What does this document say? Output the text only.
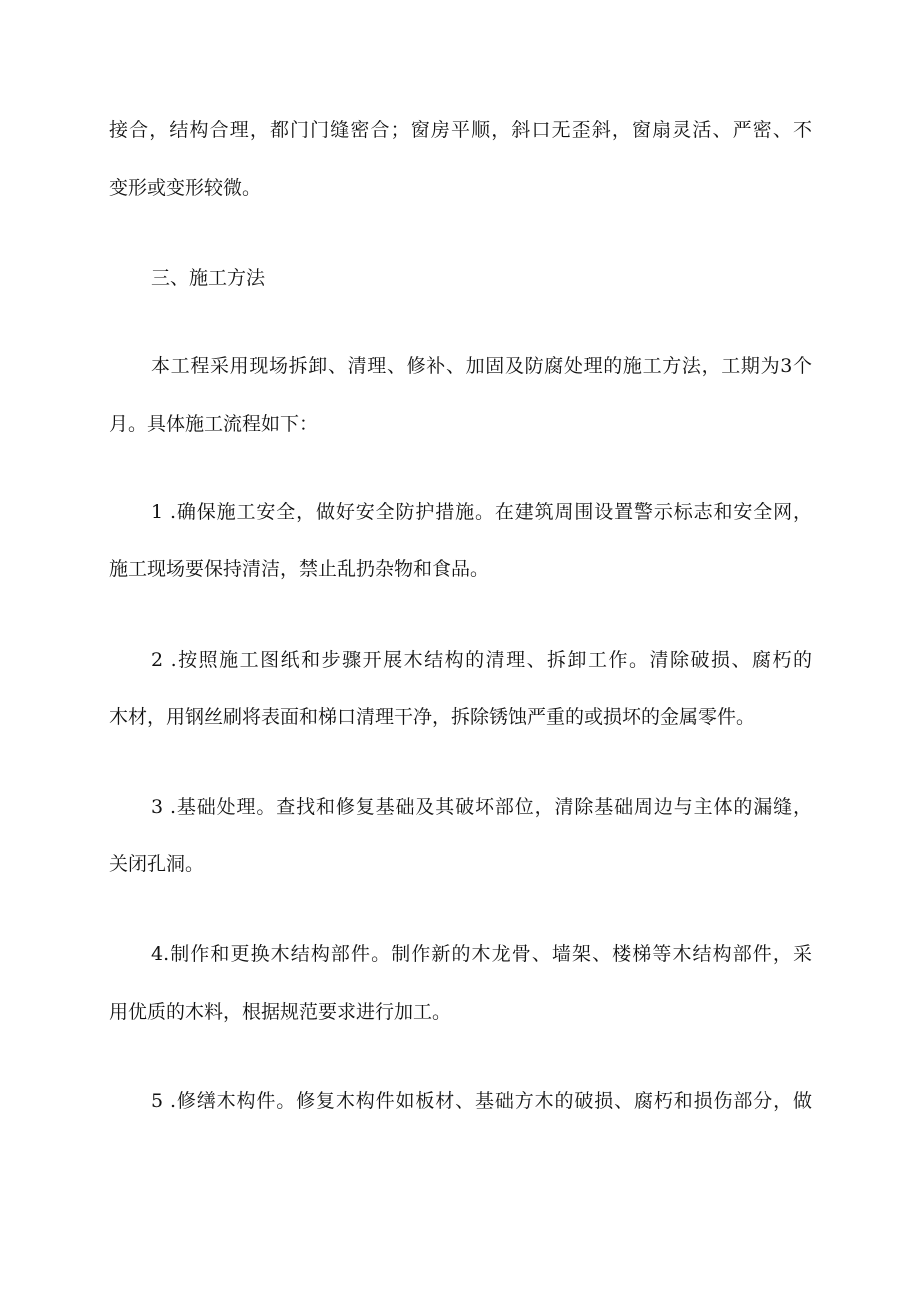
接合，结构合理，都门门缝密合；窗房平顺，斜口无歪斜，窗扇灵活、严密、不
变形或变形较微。
三、施工方法
本工程采用现场拆卸、清理、修补、加固及防腐处理的施工方法，工期为3个
月。具体施工流程如下：
1 .确保施工安全，做好安全防护措施。在建筑周围设置警示标志和安全网，
施工现场要保持清洁，禁止乱扔杂物和食品。
2 .按照施工图纸和步骤开展木结构的清理、拆卸工作。清除破损、腐朽的
木材，用钢丝刷将表面和梯口清理干净，拆除锈蚀严重的或损坏的金属零件。
3 .基础处理。查找和修复基础及其破坏部位，清除基础周边与主体的漏缝，
关闭孔洞。
4.制作和更换木结构部件。制作新的木龙骨、墙架、楼梯等木结构部件，采
用优质的木料，根据规范要求进行加工。
5 .修缮木构件。修复木构件如板材、基础方木的破损、腐朽和损伤部分，做
